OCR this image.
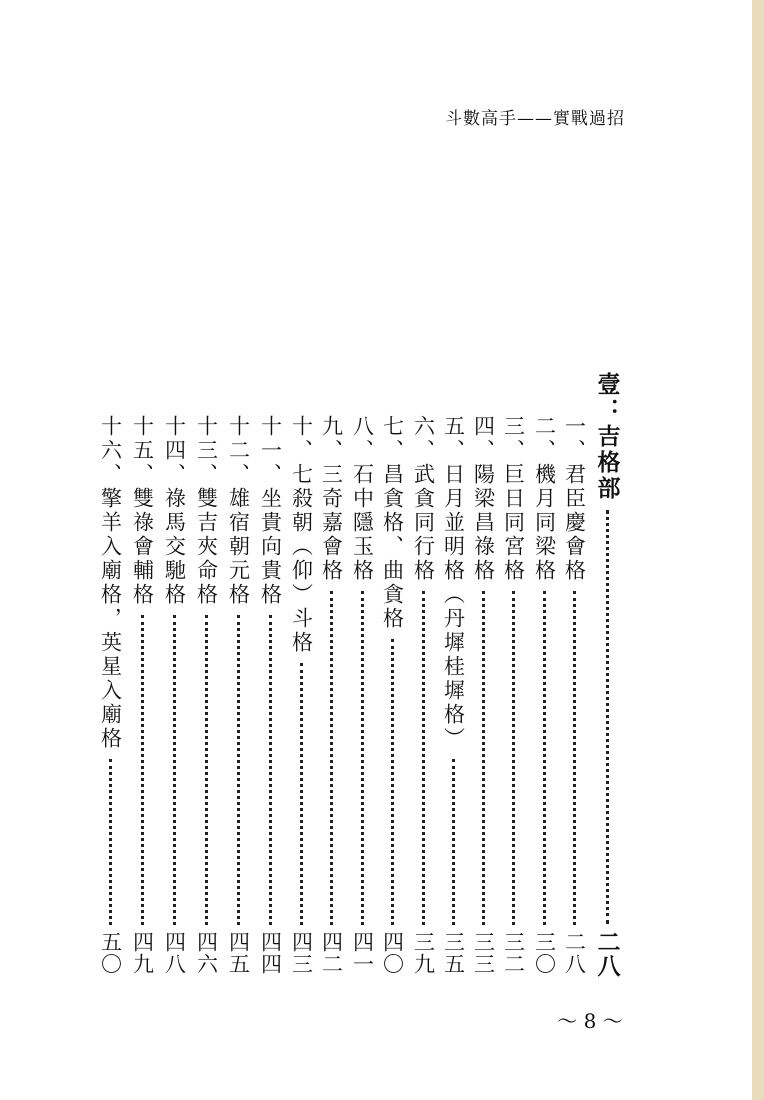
斗數高手——實戰過招
壹：吉格部
二八
一、君臣慶會格
二八
二、機月同梁格
三〇
三、巨日同宮格
三二
四、陽梁昌祿格
三三
五、日月並明格（丹墀桂墀格）
三五
六、武貪同行格
三九
七、昌貪格、曲貪格
四〇
八、石中隱玉格
四一
九、三奇嘉會格
四二
十、七殺朝（仰）斗格
四三
十一、坐貴向貴格
四四
十二、雄宿朝元格
四五
十三、雙吉夾命格
四六
十四、祿馬交馳格
四八
十五、雙祿會輔格
四九
十六、擎羊入廟格，英星入廟格
五〇
～ 8 ～
